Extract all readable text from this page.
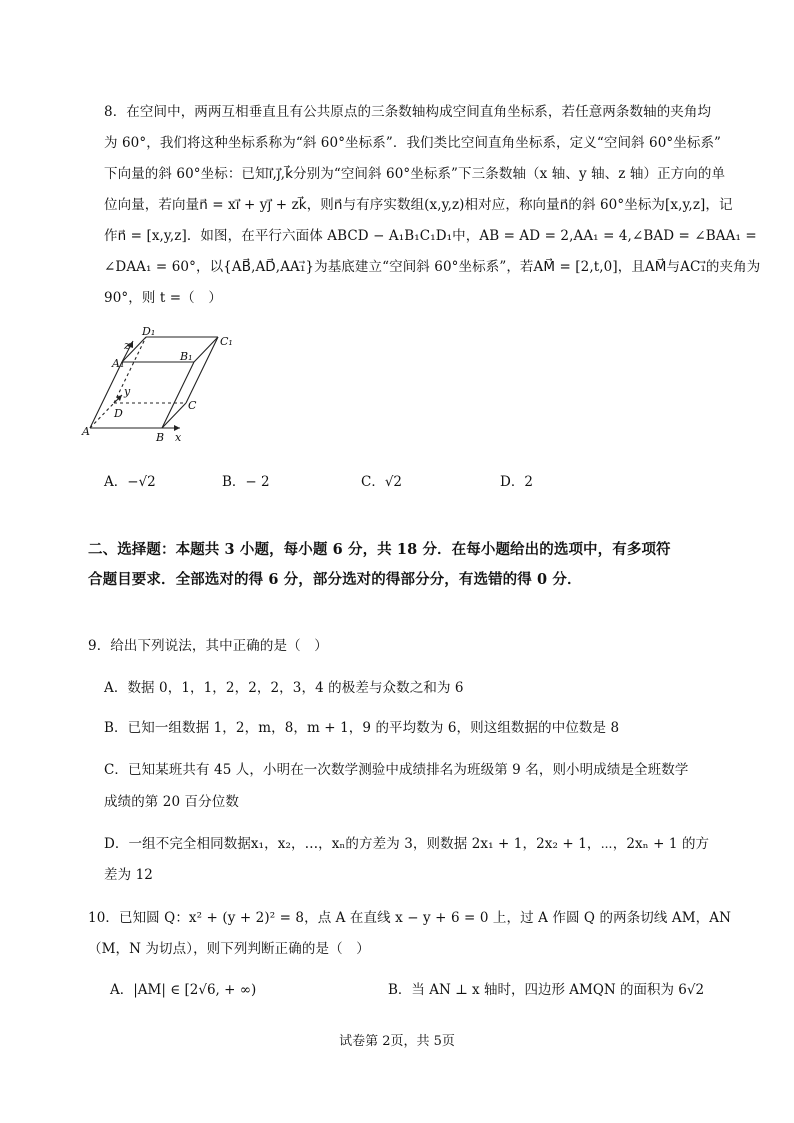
8．在空间中，两两互相垂直且有公共原点的三条数轴构成空间直角坐标系，若任意两条数轴的夹角均
为 60°，我们将这种坐标系称为“斜 60°坐标系”．我们类比空间直角坐标系，定义“空间斜 60°坐标系”
下向量的斜 60°坐标：已知i⃗,j⃗,k⃗分别为“空间斜 60°坐标系”下三条数轴（x 轴、y 轴、z 轴）正方向的单
位向量，若向量n⃗ = xi⃗ + yj⃗ + zk⃗，则n⃗与有序实数组(x,y,z)相对应，称向量n⃗的斜 60°坐标为[x,y,z]，记
作n⃗ = [x,y,z]．如图，在平行六面体 ABCD − A₁B₁C₁D₁中，AB = AD = 2,AA₁ = 4,∠BAD = ∠BAA₁ =
∠DAA₁ = 60°，以{AB⃗,AD⃗,AA₁⃗}为基底建立“空间斜 60°坐标系”，若AM⃗ = [2,t,0]，且AM⃗与AC₁⃗的夹角为
90°，则 t =（　）
A	B
C
D
A₁
B₁
C₁
D₁
x
y
z
A．−√2	B．− 2	C．√2	D．2
二、选择题：本题共 3 小题，每小题 6 分，共 18 分．在每小题给出的选项中，有多项符
合题目要求．全部选对的得 6 分，部分选对的得部分分，有选错的得 0 分．
9．给出下列说法，其中正确的是（　）
A．数据 0，1，1，2，2，2，3，4 的极差与众数之和为 6
B．已知一组数据 1，2，m，8，m + 1，9 的平均数为 6，则这组数据的中位数是 8
C．已知某班共有 45 人，小明在一次数学测验中成绩排名为班级第 9 名，则小明成绩是全班数学
成绩的第 20 百分位数
D．一组不完全相同数据x₁，x₂，…，xₙ的方差为 3，则数据 2x₁ + 1，2x₂ + 1，⋯，2xₙ + 1 的方
差为 12
10．已知圆 Q：x² + (y + 2)² = 8，点 A 在直线 x − y + 6 = 0 上，过 A 作圆 Q 的两条切线 AM，AN
（M，N 为切点），则下列判断正确的是（　）
A．|AM| ∈ [2√6, + ∞)	B．当 AN ⊥ x 轴时，四边形 AMQN 的面积为 6√2
试卷第 2页，共 5页
